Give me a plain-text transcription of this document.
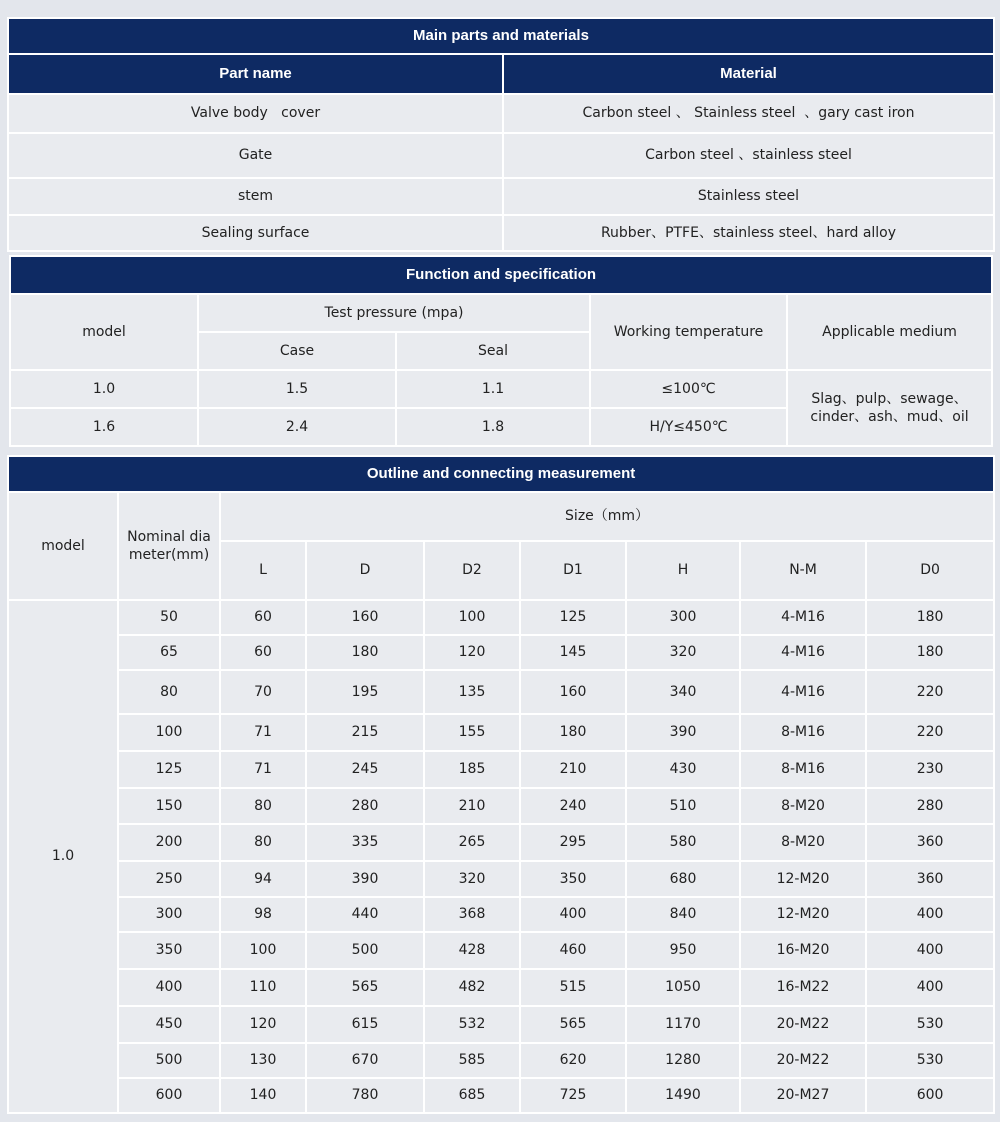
Main parts and materials	
Part name	Material
Valve body   cover	Carbon steel 、 Stainless steel  、gary cast iron
Gate	Carbon steel 、stainless steel
stem	Stainless steel
Sealing surface	Rubber、PTFE、stainless steel、hard alloy
Function and specification				
model	Test pressure (mpa)		Working temperature	Applicable medium
	Case	Seal		
1.0	1.5	1.1	≤100℃	Slag、pulp、sewage、cinder、ash、mud、oil
1.6	2.4	1.8	H/Y≤450℃	
Outline and connecting measurement								
model	Nominal diameter(mm)	Size（mm）						
		L	D	D2	D1	H	N-M	D0
1.0	50	60	160	100	125	300	4-M16	180
	65	60	180	120	145	320	4-M16	180
	80	70	195	135	160	340	4-M16	220
	100	71	215	155	180	390	8-M16	220
	125	71	245	185	210	430	8-M16	230
	150	80	280	210	240	510	8-M20	280
	200	80	335	265	295	580	8-M20	360
	250	94	390	320	350	680	12-M20	360
	300	98	440	368	400	840	12-M20	400
	350	100	500	428	460	950	16-M20	400
	400	110	565	482	515	1050	16-M22	400
	450	120	615	532	565	1170	20-M22	530
	500	130	670	585	620	1280	20-M22	530
	600	140	780	685	725	1490	20-M27	600
